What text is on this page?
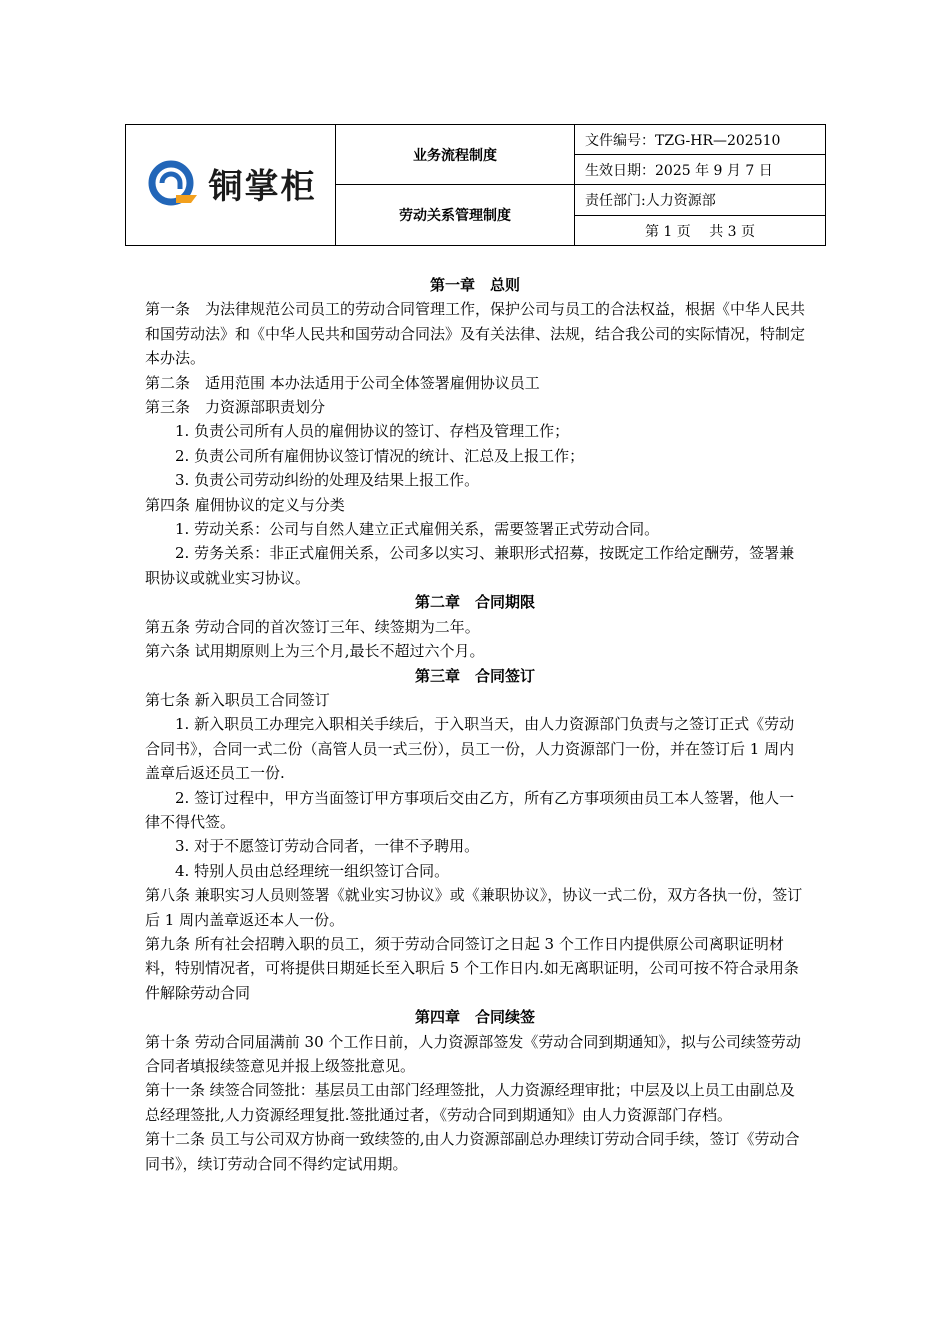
铜掌柜	业务流程制度	文件编号：TZG-HR—202510
		生效日期：2025 年 9 月 7 日
	劳动关系管理制度	责任部门:人力资源部
		第 1 页　 共 3 页

第一章　总则

第一条　为法律规范公司员工的劳动合同管理工作，保护公司与员工的合法权益，根据《中华人民共和国劳动法》和《中华人民共和国劳动合同法》及有关法律、法规，结合我公司的实际情况，特制定本办法。

第二条　适用范围 本办法适用于公司全体签署雇佣协议员工

第三条　力资源部职责划分

1. 负责公司所有人员的雇佣协议的签订、存档及管理工作；

2. 负责公司所有雇佣协议签订情况的统计、汇总及上报工作；

3. 负责公司劳动纠纷的处理及结果上报工作。

第四条 雇佣协议的定义与分类

1. 劳动关系：公司与自然人建立正式雇佣关系，需要签署正式劳动合同。

2. 劳务关系：非正式雇佣关系，公司多以实习、兼职形式招募，按既定工作给定酬劳，签署兼职协议或就业实习协议。

第二章　合同期限

第五条 劳动合同的首次签订三年、续签期为二年。

第六条 试用期原则上为三个月,最长不超过六个月。

第三章　合同签订

第七条 新入职员工合同签订

1. 新入职员工办理完入职相关手续后，于入职当天，由人力资源部门负责与之签订正式《劳动合同书》，合同一式二份（高管人员一式三份），员工一份，人力资源部门一份，并在签订后 1 周内盖章后返还员工一份.

2. 签订过程中，甲方当面签订甲方事项后交由乙方，所有乙方事项须由员工本人签署，他人一律不得代签。

3. 对于不愿签订劳动合同者，一律不予聘用。

4. 特别人员由总经理统一组织签订合同。

第八条 兼职实习人员则签署《就业实习协议》或《兼职协议》，协议一式二份，双方各执一份，签订后 1 周内盖章返还本人一份。

第九条 所有社会招聘入职的员工，须于劳动合同签订之日起 3 个工作日内提供原公司离职证明材料，特别情况者，可将提供日期延长至入职后 5 个工作日内.如无离职证明，公司可按不符合录用条件解除劳动合同

第四章　合同续签

第十条 劳动合同届满前 30 个工作日前，人力资源部签发《劳动合同到期通知》，拟与公司续签劳动合同者填报续签意见并报上级签批意见。

第十一条 续签合同签批：基层员工由部门经理签批，人力资源经理审批；中层及以上员工由副总及总经理签批,人力资源经理复批.签批通过者，《劳动合同到期通知》由人力资源部门存档。

第十二条 员工与公司双方协商一致续签的,由人力资源部副总办理续订劳动合同手续，签订《劳动合同书》，续订劳动合同不得约定试用期。
